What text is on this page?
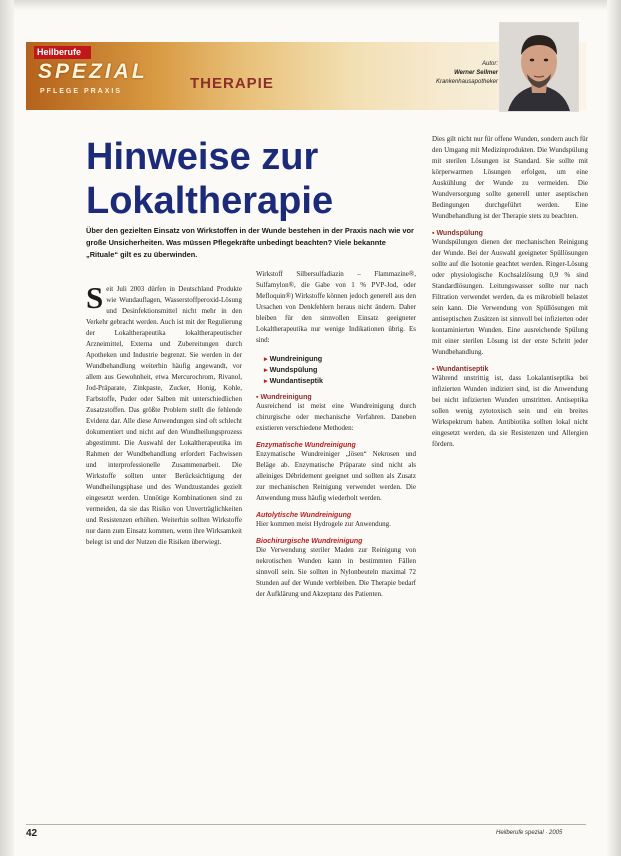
Heilberufe
SPEZIAL
PFLEGE PRAXIS	THERAPIE
Autor:
Werner Sellmer
Krankenhausapotheker
Hinweise zur
Lokaltherapie
Über den gezielten Einsatz von Wirkstoffen in der Wunde bestehen in der Praxis nach wie vor große Unsicherheiten. Was müssen Pflegekräfte unbedingt beachten? Viele bekannte „Rituale“ gilt es zu überwinden.
S eit Juli 2003 dürfen in Deutschland Produkte wie Wundauflagen, Wasserstoffperoxid-Lösung und Desinfektionsmittel nicht mehr in den Verkehr gebracht werden. Auch ist mit der Regulierung der Lokaltherapeutika lokaltherapeutischer Arzneimittel, Externa und Zubereitungen durch Apotheken und Industrie begrenzt. Sie werden in der Wundbehandlung weiterhin häufig angewandt, vor allem aus Gewohnheit, etwa Mercurochrom, Rivanol, Jod-Präparate, Zinkpaste, Zucker, Honig, Kohle, Farbstoffe, Puder oder Salben mit unterschiedlichen Zusatzstoffen. Das größte Problem stellt die fehlende Evidenz dar. Alle diese Anwendungen sind oft schlecht dokumentiert und nicht auf den Wundheilungsprozess abgestimmt. Die Auswahl der Lokaltherapeutika im Rahmen der Wundbehandlung erfordert Fachwissen und interprofessionelle Zusammenarbeit. Die Wirkstoffe sollten unter Berücksichtigung der Wundheilungsphase und des Wundzustandes gezielt eingesetzt werden. Unnötige Kombinationen sind zu vermeiden, da sie das Risiko von Unverträglichkeiten und Resistenzen erhöhen. Weiterhin sollten Wirkstoffe nur dann zum Einsatz kommen, wenn ihre Wirksamkeit belegt ist und der Nutzen die Risiken überwiegt.

Wirkstoff Silbersulfadiazin – Flammazine®, Sulfamylon®, die Gabe von 1 % PVP-Jod, oder Mefloquin®) Wirkstoffe können jedoch generell aus den Ursachen von Denkfehlern heraus nicht ändern. Daher bleiben für den sinnvollen Einsatz geeigneter Lokaltherapeutika nur wenige Indikationen übrig. Es sind:

▸ Wundreinigung
▸ Wundspülung
▸ Wundantiseptik
▪ Wundreinigung

Ausreichend ist meist eine Wundreinigung durch chirurgische oder mechanische Verfahren. Daneben existieren verschiedene Methoden:

Enzymatische Wundreinigung

Enzymatische Wundreiniger „lösen“ Nekrosen und Beläge ab. Enzymatische Präparate sind nicht als alleiniges Débridement geeignet und sollten als Zusatz zur mechanischen Reinigung verwendet werden. Die Anwendung muss häufig wiederholt werden.

Autolytische Wundreinigung

Hier kommen meist Hydrogele zur Anwendung.

Biochirurgische Wundreinigung

Die Verwendung steriler Maden zur Reinigung von nekrotischen Wunden kann in bestimmten Fällen sinnvoll sein. Sie sollten in Nylonbeuteln maximal 72 Stunden auf der Wunde verbleiben. Die Therapie bedarf der Aufklärung und Akzeptanz des Patienten.

Dies gilt nicht nur für offene Wunden, sondern auch für den Umgang mit Medizinprodukten. Die Wundspülung mit sterilen Lösungen ist Standard. Sie sollte mit körperwarmen Lösungen erfolgen, um eine Auskühlung der Wunde zu vermeiden. Die Wundversorgung sollte generell unter aseptischen Bedingungen durchgeführt werden. Eine Wundbehandlung ist der Therapie stets zu beachten.

▪ Wundspülung

Wundspülungen dienen der mechanischen Reinigung der Wunde. Bei der Auswahl geeigneter Spüllösungen sollte auf die Isotonie geachtet werden. Ringer-Lösung oder physiologische Kochsalzlösung 0,9 % sind Standardlösungen. Leitungswasser sollte nur nach Filtration verwendet werden, da es mikrobiell belastet sein kann. Die Verwendung von Spüllösungen mit antiseptischen Zusätzen ist sinnvoll bei infizierten oder kontaminierten Wunden. Eine ausreichende Spülung mit einer sterilen Lösung ist der erste Schritt jeder Wundbehandlung.

▪ Wundantiseptik

Während unstrittig ist, dass Lokalantiseptika bei infizierten Wunden indiziert sind, ist die Anwendung bei nicht infizierten Wunden umstritten. Antiseptika sollen wenig zytotoxisch sein und ein breites Wirkspektrum haben. Antibiotika sollten lokal nicht eingesetzt werden, da sie Resistenzen und Allergien fördern.

42	Heilberufe spezial · 2005
